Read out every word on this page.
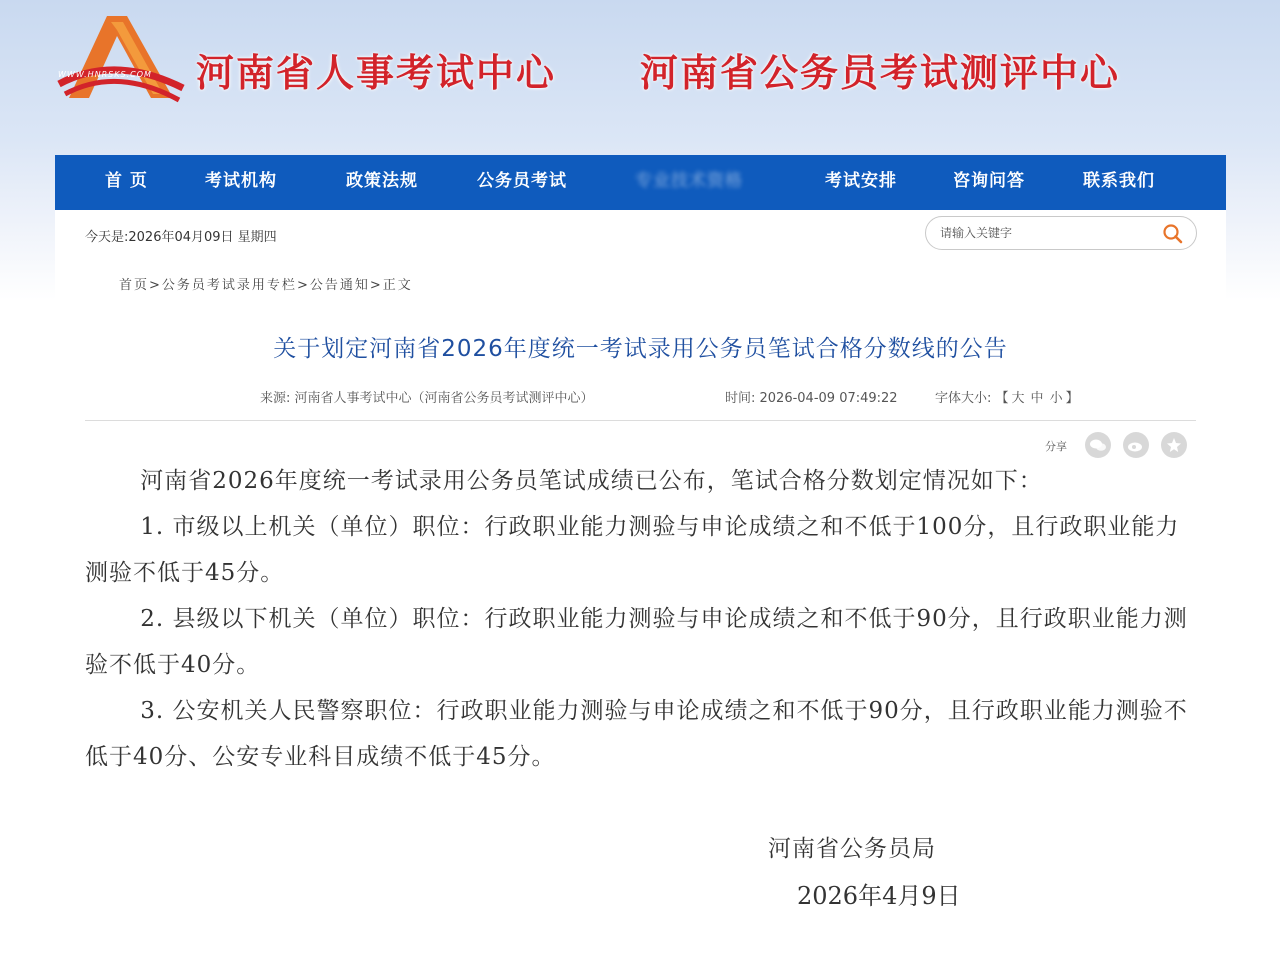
WWW.HNRSKS.COM 河南省人事考试中心 河南省公务员考试测评中心
首 页	考试机构	政策法规	公务员考试	专业技术资格	考试安排	咨询问答	联系我们
今天是:2026年04月09日 星期四
请输入关键字
首页>公务员考试录用专栏>公告通知>正文
关于划定河南省2026年度统一考试录用公务员笔试合格分数线的公告
来源: 河南省人事考试中心（河南省公务员考试测评中心）	时间: 2026-04-09 07:49:22	字体大小: 【 大 中 小 】
分享

河南省2026年度统一考试录用公务员笔试成绩已公布，笔试合格分数划定情况如下：

1. 市级以上机关（单位）职位：行政职业能力测验与申论成绩之和不低于100分，且行政职业能力测验不低于45分。

2. 县级以下机关（单位）职位：行政职业能力测验与申论成绩之和不低于90分，且行政职业能力测验不低于40分。

3. 公安机关人民警察职位：行政职业能力测验与申论成绩之和不低于90分，且行政职业能力测验不低于40分、公安专业科目成绩不低于45分。

河南省公务员局
2026年4月9日
